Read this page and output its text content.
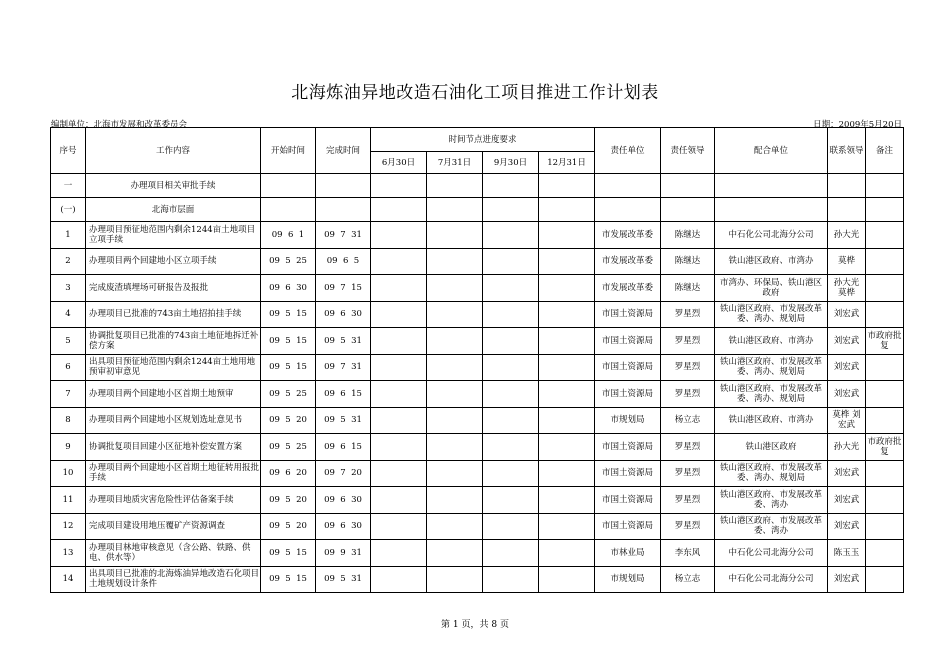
北海炼油异地改造石油化工项目推进工作计划表
编制单位：北海市发展和改革委员会	日期：2009年5月20日
序号	工作内容	开始时间	完成时间	时间节点进度要求				责任单位	责任领导	配合单位	联系领导	备注
				6月30日	7月31日	9月30日	12月31日					
一	办理项目相关审批手续											
(一)	北海市层面											
1	办理项目预征地范围内剩余1244亩土地项目立项手续	09  6  1	09  7  31					市发展改革委	陈继达	中石化公司北海分公司	孙大光	
2	办理项目两个回建地小区立项手续	09  5  25	09  6  5					市发展改革委	陈继达	铁山港区政府、市湾办	莫桦	
3	完成废渣填埋场可研报告及报批	09  6  30	09  7  15					市发展改革委	陈继达	市湾办、环保局、铁山港区政府	孙大光 莫桦	
4	办理项目已批准的743亩土地招拍挂手续	09  5  15	09  6  30					市国土资源局	罗星烈	铁山港区政府、市发展改革委、湾办、规划局	刘宏武	
5	协调批复项目已批准的743亩土地征地拆迁补偿方案	09  5  15	09  5  31					市国土资源局	罗星烈	铁山港区政府、市湾办	刘宏武	市政府批复
6	出具项目预征地范围内剩余1244亩土地用地预审初审意见	09  5  15	09  7  31					市国土资源局	罗星烈	铁山港区政府、市发展改革委、湾办、规划局	刘宏武	
7	办理项目两个回建地小区首期土地预审	09  5  25	09  6  15					市国土资源局	罗星烈	铁山港区政府、市发展改革委、湾办、规划局	刘宏武	
8	办理项目两个回建地小区规划选址意见书	09  5  20	09  5  31					市规划局	杨立志	铁山港区政府、市湾办	莫桦 刘宏武	
9	协调批复项目回建小区征地补偿安置方案	09  5  25	09  6  15					市国土资源局	罗星烈	铁山港区政府	孙大光	市政府批复
10	办理项目两个回建地小区首期土地征转用报批手续	09  6  20	09  7  20					市国土资源局	罗星烈	铁山港区政府、市发展改革委、湾办、规划局	刘宏武	
11	办理项目地质灾害危险性评估备案手续	09  5  20	09  6  30					市国土资源局	罗星烈	铁山港区政府、市发展改革委、湾办	刘宏武	
12	完成项目建设用地压覆矿产资源调查	09  5  20	09  6  30					市国土资源局	罗星烈	铁山港区政府、市发展改革委、湾办	刘宏武	
13	办理项目林地审核意见（含公路、铁路、供电、供水等）	09  5  15	09  9  31					市林业局	李东风	中石化公司北海分公司	陈玉玉	
14	出具项目已批准的北海炼油异地改造石化项目土地规划设计条件	09  5  15	09  5  31					市规划局	杨立志	中石化公司北海分公司	刘宏武	
第 1 页，共 8 页
